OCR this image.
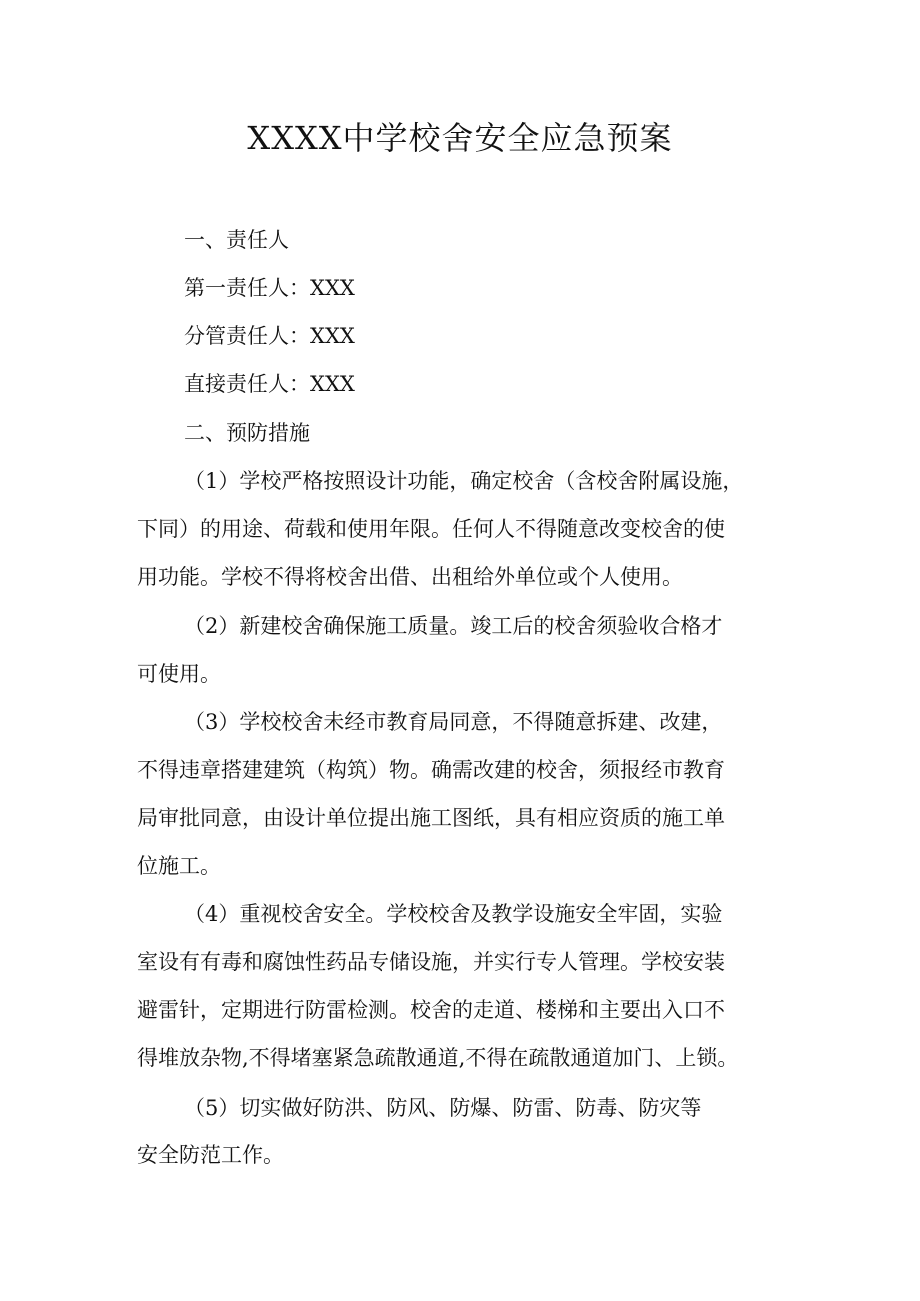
XXXX中学校舍安全应急预案

一、责任人

第一责任人：XXX

分管责任人：XXX

直接责任人：XXX

二、预防措施

（1）学校严格按照设计功能，确定校舍（含校舍附属设施，

下同）的用途、荷载和使用年限。任何人不得随意改变校舍的使

用功能。学校不得将校舍出借、出租给外单位或个人使用。

（2）新建校舍确保施工质量。竣工后的校舍须验收合格才

可使用。

（3）学校校舍未经市教育局同意，不得随意拆建、改建，

不得违章搭建建筑（构筑）物。确需改建的校舍，须报经市教育

局审批同意，由设计单位提出施工图纸，具有相应资质的施工单

位施工。

（4）重视校舍安全。学校校舍及教学设施安全牢固，实验

室设有有毒和腐蚀性药品专储设施，并实行专人管理。学校安装

避雷针，定期进行防雷检测。校舍的走道、楼梯和主要出入口不

得堆放杂物,不得堵塞紧急疏散通道,不得在疏散通道加门、上锁。

（5）切实做好防洪、防风、防爆、防雷、防毒、防灾等

安全防范工作。
